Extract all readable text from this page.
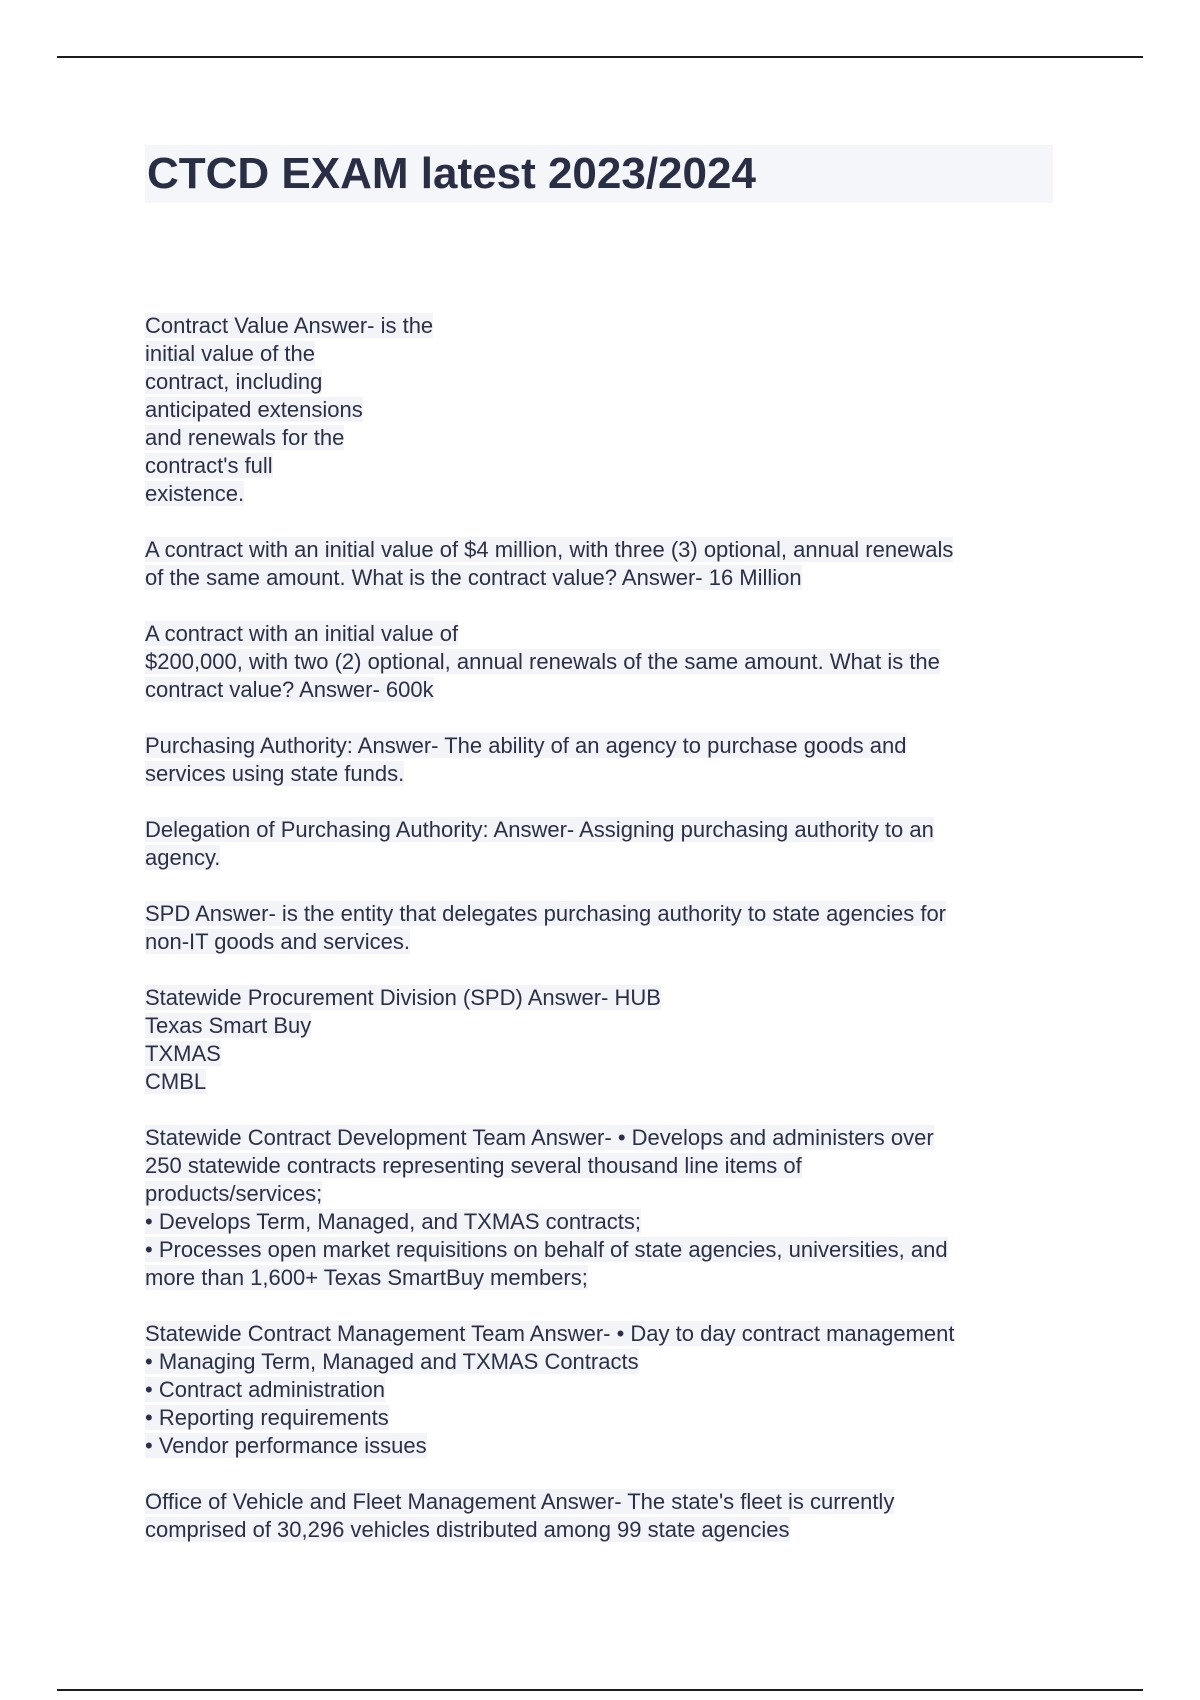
CTCD EXAM latest 2023/2024

Contract Value Answer- is the
initial value of the
contract, including
anticipated extensions
and renewals for the
contract's full
existence.

A contract with an initial value of $4 million, with three (3) optional, annual renewals
of the same amount. What is the contract value? Answer- 16 Million

A contract with an initial value of
$200,000, with two (2) optional, annual renewals of the same amount. What is the
contract value? Answer- 600k

Purchasing Authority: Answer- The ability of an agency to purchase goods and
services using state funds.

Delegation of Purchasing Authority: Answer- Assigning purchasing authority to an
agency.

SPD Answer- is the entity that delegates purchasing authority to state agencies for
non-IT goods and services.

Statewide Procurement Division (SPD) Answer- HUB
Texas Smart Buy
TXMAS
CMBL

Statewide Contract Development Team Answer- • Develops and administers over
250 statewide contracts representing several thousand line items of
products/services;
• Develops Term, Managed, and TXMAS contracts;
• Processes open market requisitions on behalf of state agencies, universities, and
more than 1,600+ Texas SmartBuy members;

Statewide Contract Management Team Answer- • Day to day contract management
• Managing Term, Managed and TXMAS Contracts
• Contract administration
• Reporting requirements
• Vendor performance issues

Office of Vehicle and Fleet Management Answer- The state's fleet is currently
comprised of 30,296 vehicles distributed among 99 state agencies
